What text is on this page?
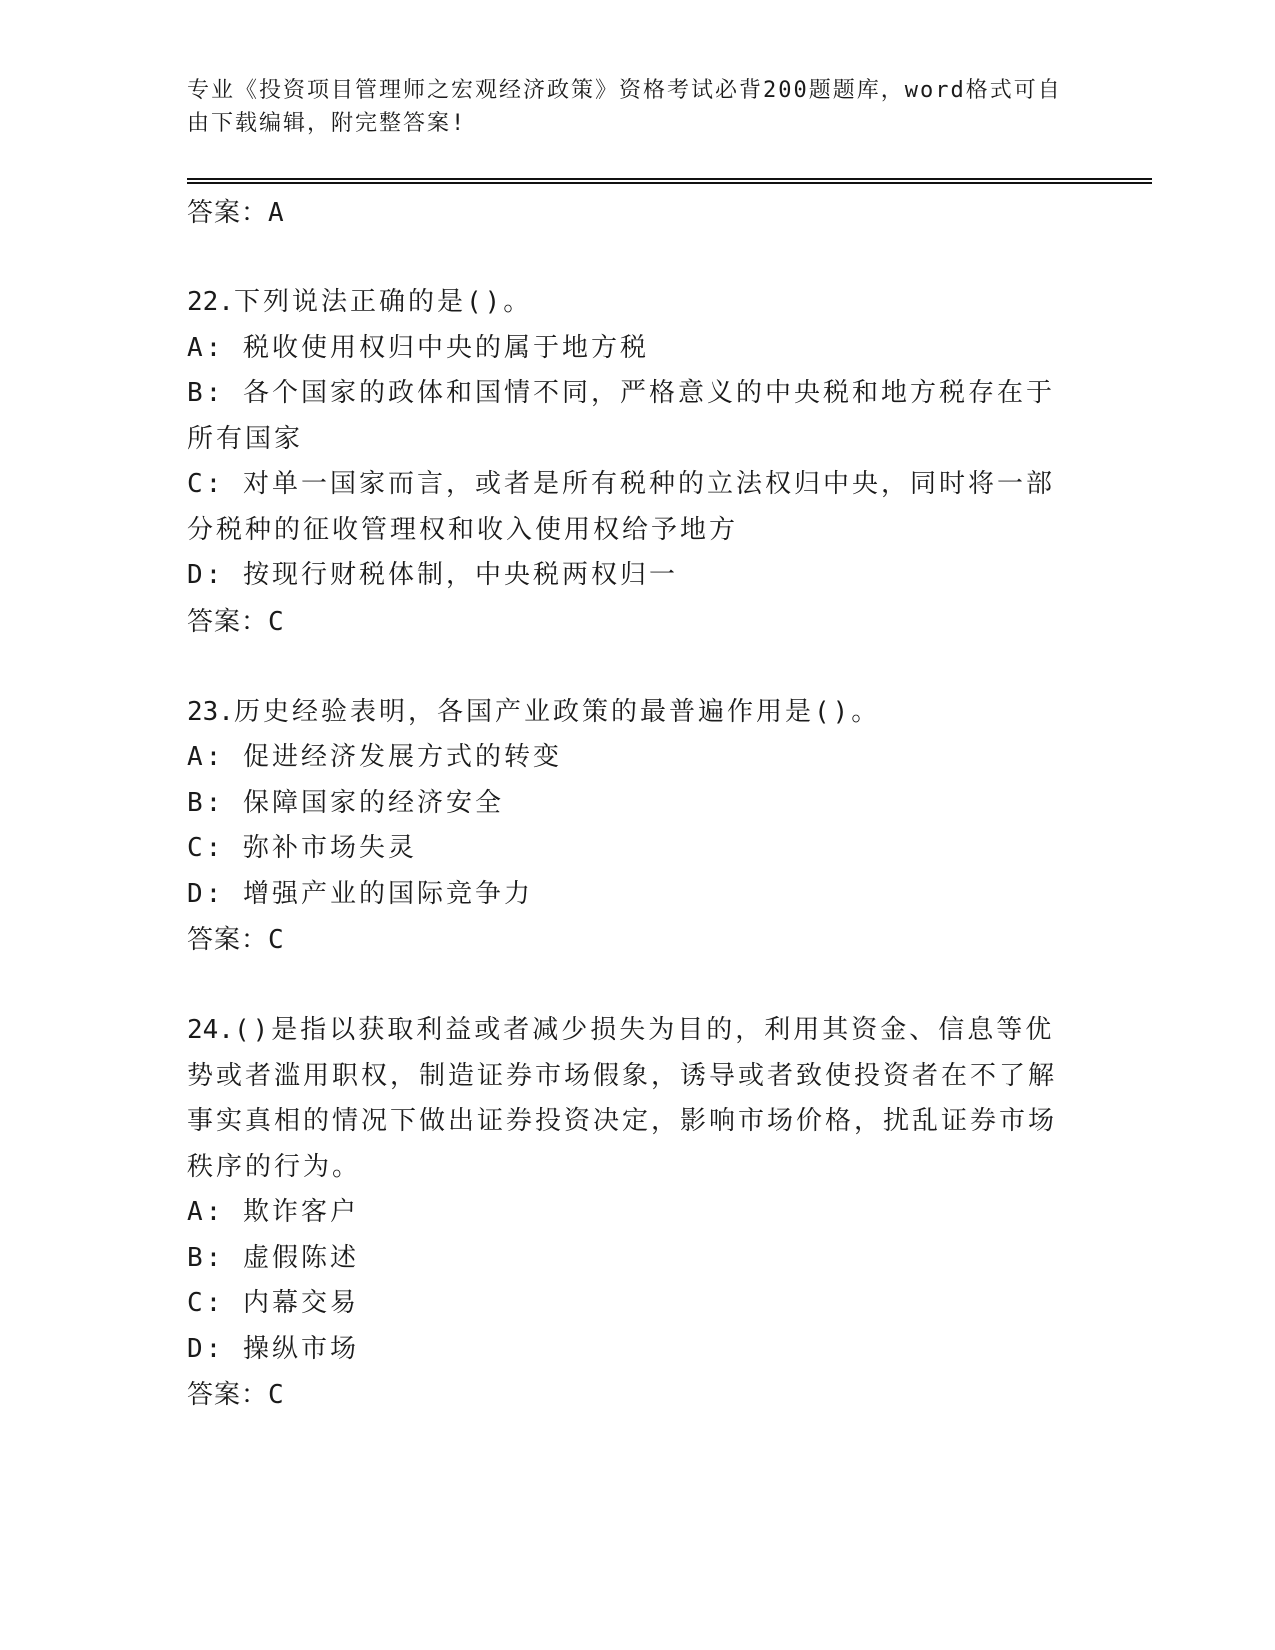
专业《投资项目管理师之宏观经济政策》资格考试必背200题题库，word格式可自由下载编辑，附完整答案!

答案：A

22.下列说法正确的是()。

A: 税收使用权归中央的属于地方税

B: 各个国家的政体和国情不同，严格意义的中央税和地方税存在于所有国家

C: 对单一国家而言，或者是所有税种的立法权归中央，同时将一部分税种的征收管理权和收入使用权给予地方

D: 按现行财税体制，中央税两权归一

答案：C

23.历史经验表明，各国产业政策的最普遍作用是()。

A: 促进经济发展方式的转变

B: 保障国家的经济安全

C: 弥补市场失灵

D: 增强产业的国际竞争力

答案：C

24.()是指以获取利益或者减少损失为目的，利用其资金、信息等优势或者滥用职权，制造证券市场假象，诱导或者致使投资者在不了解事实真相的情况下做出证券投资决定，影响市场价格，扰乱证券市场秩序的行为。

A: 欺诈客户

B: 虚假陈述

C: 内幕交易

D: 操纵市场

答案：C
